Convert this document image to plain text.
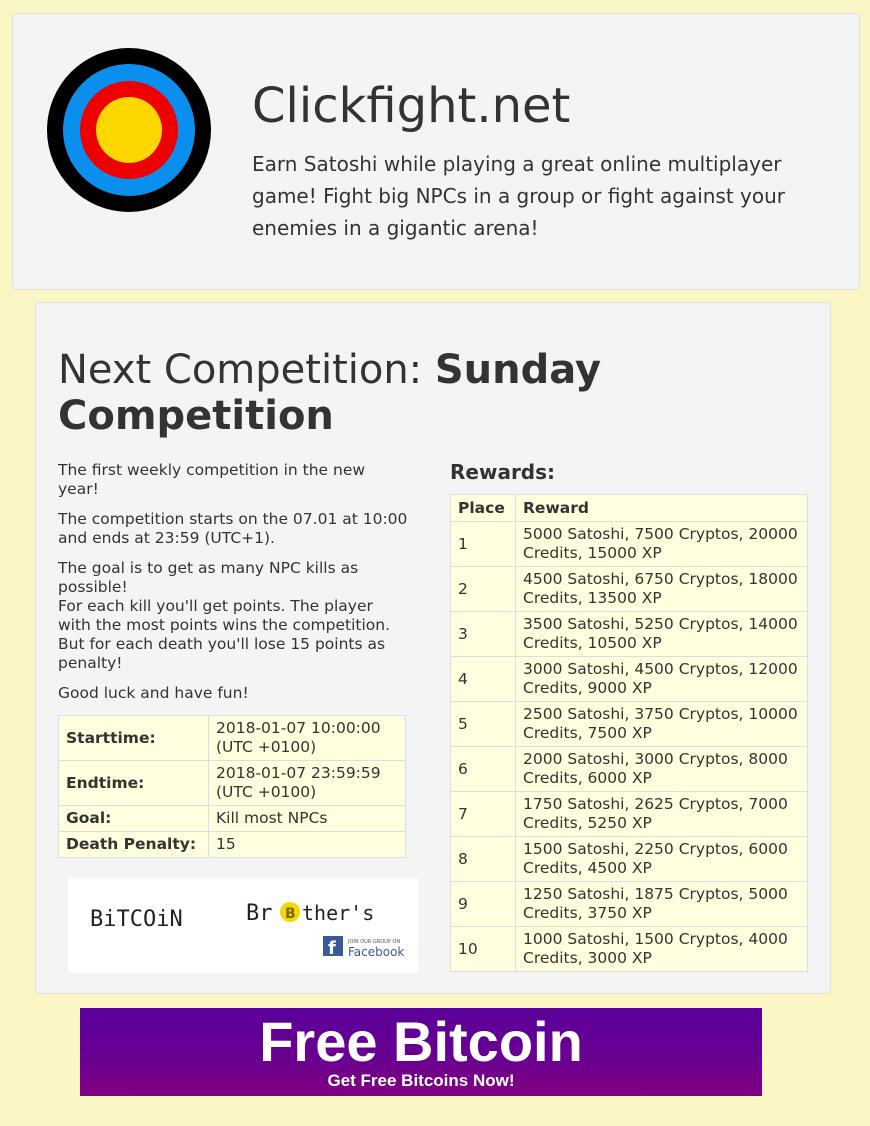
Clickfight.net

Earn Satoshi while playing a great online multiplayer game! Fight big NPCs in a group or fight against your enemies in a gigantic arena!

Next Competition: Sunday Competition

The first weekly competition in the new year!

The competition starts on the 07.01 at 10:00 and ends at 23:59 (UTC+1).

The goal is to get as many NPC kills as possible!
For each kill you'll get points. The player with the most points wins the competition.
But for each death you'll lose 15 points as penalty!

Good luck and have fun!

Starttime:	2018-01-07 10:00:00 (UTC +0100)
Endtime:	2018-01-07 23:59:59 (UTC +0100)
Goal:	Kill most NPCs
Death Penalty:	15
BiTCOiN	Br B ther's
f JOIN OUR GROUP ON
Facebook
Rewards:
Place	Reward
1	5000 Satoshi, 7500 Cryptos, 20000 Credits, 15000 XP
2	4500 Satoshi, 6750 Cryptos, 18000 Credits, 13500 XP
3	3500 Satoshi, 5250 Cryptos, 14000 Credits, 10500 XP
4	3000 Satoshi, 4500 Cryptos, 12000 Credits, 9000 XP
5	2500 Satoshi, 3750 Cryptos, 10000 Credits, 7500 XP
6	2000 Satoshi, 3000 Cryptos, 8000 Credits, 6000 XP
7	1750 Satoshi, 2625 Cryptos, 7000 Credits, 5250 XP
8	1500 Satoshi, 2250 Cryptos, 6000 Credits, 4500 XP
9	1250 Satoshi, 1875 Cryptos, 5000 Credits, 3750 XP
10	1000 Satoshi, 1500 Cryptos, 4000 Credits, 3000 XP
Free Bitcoin
Get Free Bitcoins Now!
